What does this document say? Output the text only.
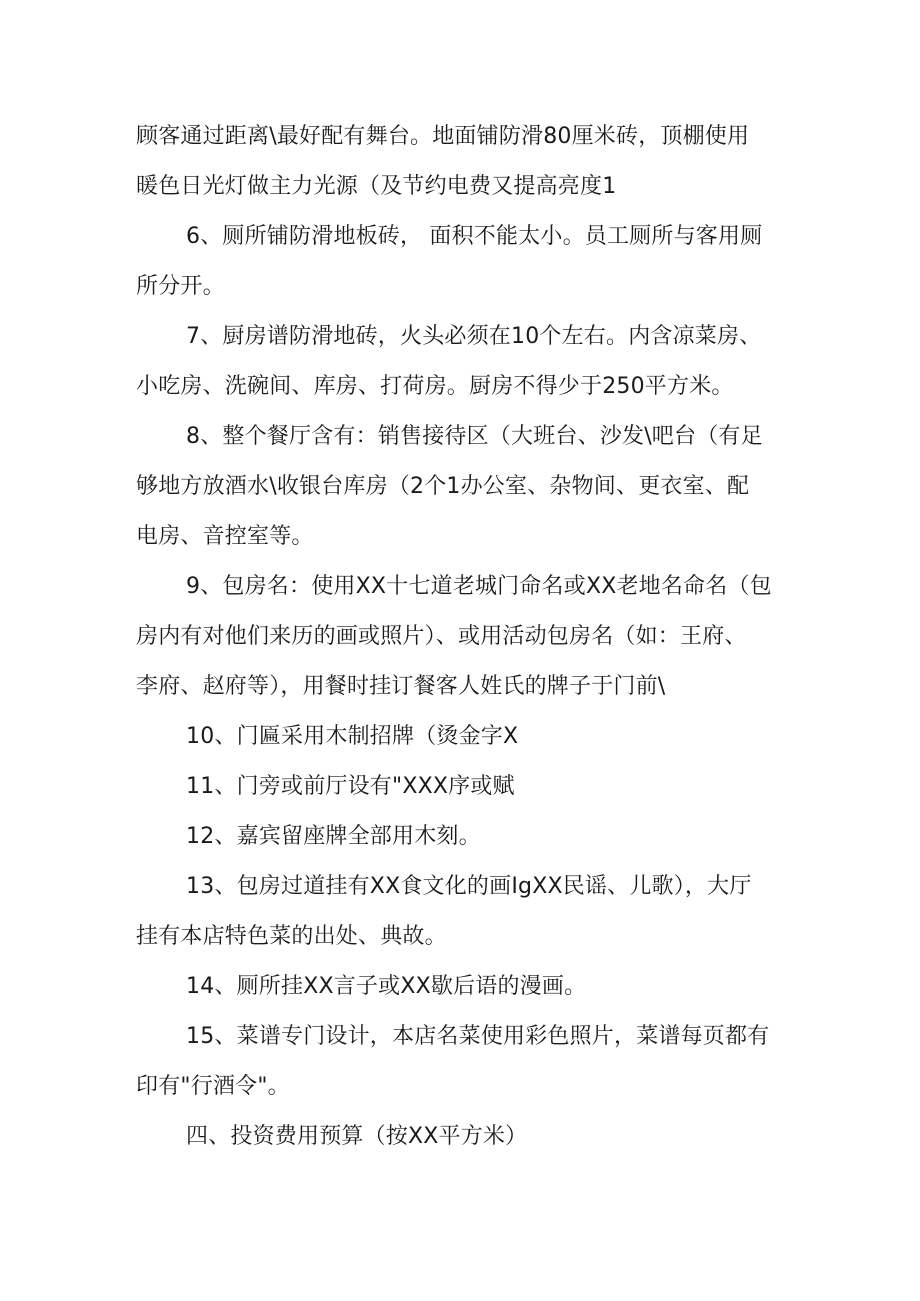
顾客通过距离\最好配有舞台。地面铺防滑80厘米砖，顶棚使用
暖色日光灯做主力光源（及节约电费又提高亮度1
6、厕所铺防滑地板砖， 面积不能太小。员工厕所与客用厕
所分开。
7、厨房谱防滑地砖，火头必须在10个左右。内含凉菜房、
小吃房、洗碗间、库房、打荷房。厨房不得少于250平方米。
8、整个餐厅含有：销售接待区（大班台、沙发\吧台（有足
够地方放酒水\收银台库房（2个1办公室、杂物间、更衣室、配
电房、音控室等。
9、包房名：使用XX十七道老城门命名或XX老地名命名（包
房内有对他们来历的画或照片）、或用活动包房名（如：王府、
李府、赵府等），用餐时挂订餐客人姓氏的牌子于门前\
10、门匾采用木制招牌（烫金字X
11、门旁或前厅设有"XXX序或赋
12、嘉宾留座牌全部用木刻。
13、包房过道挂有XX食文化的画IgXX民谣、儿歌），大厅
挂有本店特色菜的出处、典故。
14、厕所挂XX言子或XX歇后语的漫画。
15、菜谱专门设计，本店名菜使用彩色照片，菜谱每页都有
印有"行酒令"。
四、投资费用预算（按XX平方米）
